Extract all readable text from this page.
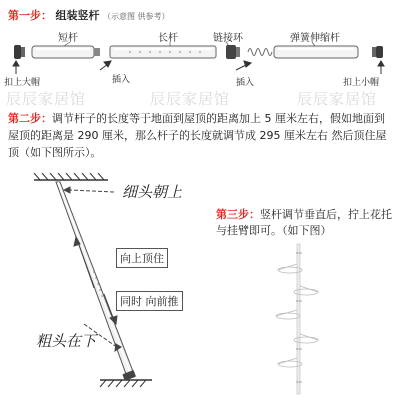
第一步： 组装竖杆 （示意图 供参考）
短杆	长杆	链接环	弹簧伸缩杆
扣上大帽	插入	插入	扣上小帽
辰辰家居馆	辰辰家居馆	辰辰家居馆
第二步：调节杆子的长度等于地面到屋顶的距离加上 5 厘米左右，假如地面到屋顶的距离是 290 厘米，那么杆子的长度就调节成 295 厘米左右 然后顶住屋顶（如下图所示）。
细头朝上
向上顶住
同时 向前推
粗头在下
第三步：竖杆调节垂直后，拧上花托与挂臂即可。（如下图）
